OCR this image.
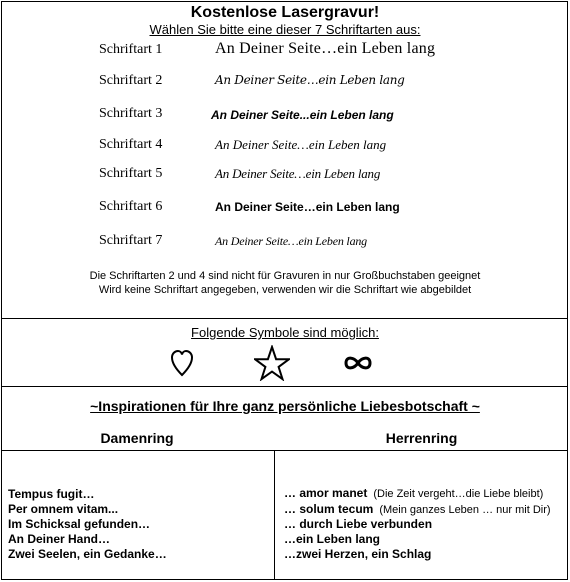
Kostenlose Lasergravur!
Wählen Sie bitte eine dieser 7 Schriftarten aus:
Schriftart 1	An Deiner Seite…ein Leben lang
Schriftart 2	An Deiner Seite…ein Leben lang
Schriftart 3	An Deiner Seite...ein Leben lang
Schriftart 4	An Deiner Seite…ein Leben lang
Schriftart 5	An Deiner Seite…ein Leben lang
Schriftart 6	An Deiner Seite…ein Leben lang
Schriftart 7	An Deiner Seite…ein Leben lang
Die Schriftarten 2 und 4 sind nicht für Gravuren in nur Großbuchstaben geeignet
Wird keine Schriftart angegeben, verwenden wir die Schriftart wie abgebildet
Folgende Symbole sind möglich:
~Inspirationen für Ihre ganz persönliche Liebesbotschaft ~
Damenring	Herrenring
Tempus fugit…
Per omnem vitam...
Im Schicksal gefunden…
An Deiner Hand…
Zwei Seelen, ein Gedanke…
… amor manet (Die Zeit vergeht…die Liebe bleibt)
… solum tecum (Mein ganzes Leben … nur mit Dir)
… durch Liebe verbunden
…ein Leben lang
…zwei Herzen, ein Schlag
